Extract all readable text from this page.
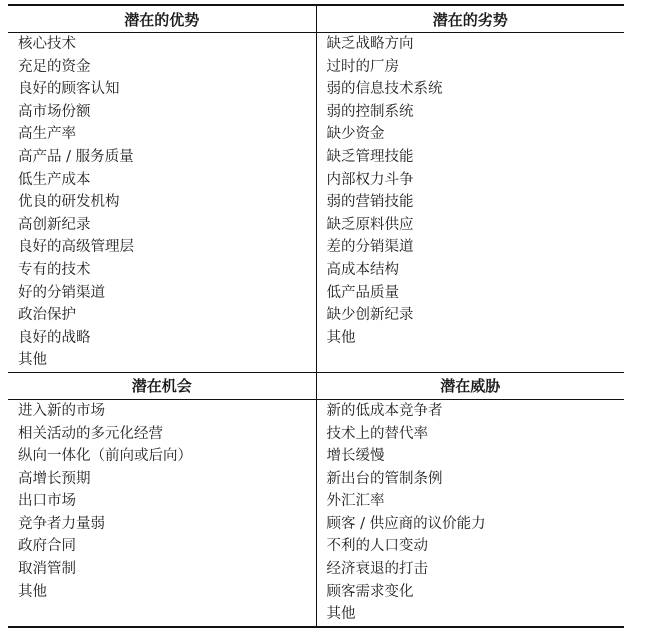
潜在的优势	潜在的劣势
核心技术	缺乏战略方向
充足的资金	过时的厂房
良好的顾客认知	弱的信息技术系统
高市场份额	弱的控制系统
高生产率	缺少资金
高产品 / 服务质量	缺乏管理技能
低生产成本	内部权力斗争
优良的研发机构	弱的营销技能
高创新纪录	缺乏原料供应
良好的高级管理层	差的分销渠道
专有的技术	高成本结构
好的分销渠道	低产品质量
政治保护	缺少创新纪录
良好的战略	其他
其他	
潜在机会	潜在威胁
进入新的市场	新的低成本竞争者
相关活动的多元化经营	技术上的替代率
纵向一体化（前向或后向）	增长缓慢
高增长预期	新出台的管制条例
出口市场	外汇汇率
竞争者力量弱	顾客 / 供应商的议价能力
政府合同	不利的人口变动
取消管制	经济衰退的打击
其他	顾客需求变化
	其他
